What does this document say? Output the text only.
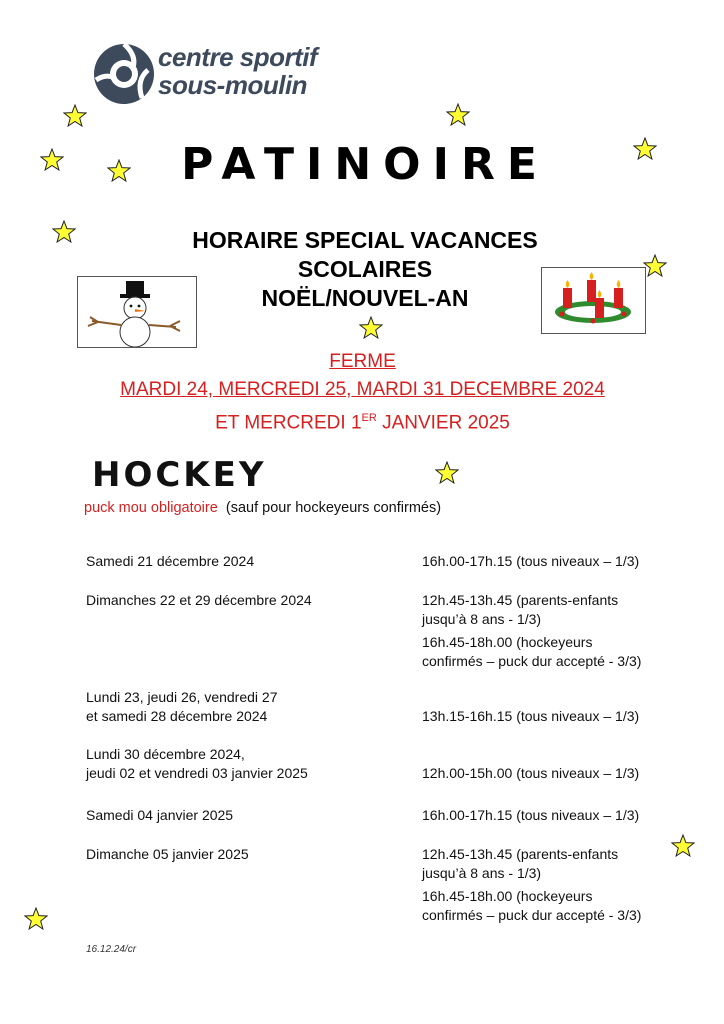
centre sportif
sous-moulin
PATINOIRE
HORAIRE SPECIAL VACANCES
SCOLAIRES
NOËL/NOUVEL-AN
FERME
MARDI 24, MERCREDI 25, MARDI 31 DECEMBRE 2024
ET MERCREDI 1ER JANVIER 2025
HOCKEY
puck mou obligatoire (sauf pour hockeyeurs confirmés)
Samedi 21 décembre 2024	16h.00-17h.15 (tous niveaux – 1/3)
Dimanches 22 et 29 décembre 2024	12h.45-13h.45 (parents-enfants
jusqu’à 8 ans - 1/3)
16h.45-18h.00 (hockeyeurs
confirmés – puck dur accepté - 3/3)
Lundi 23, jeudi 26, vendredi 27
et samedi 28 décembre 2024	13h.15-16h.15 (tous niveaux – 1/3)
Lundi 30 décembre 2024,
jeudi 02 et vendredi 03 janvier 2025	12h.00-15h.00 (tous niveaux – 1/3)
Samedi 04 janvier 2025	16h.00-17h.15 (tous niveaux – 1/3)
Dimanche 05 janvier 2025	12h.45-13h.45 (parents-enfants
jusqu’à 8 ans - 1/3)
16h.45-18h.00 (hockeyeurs
confirmés – puck dur accepté - 3/3)
16.12.24/cr
